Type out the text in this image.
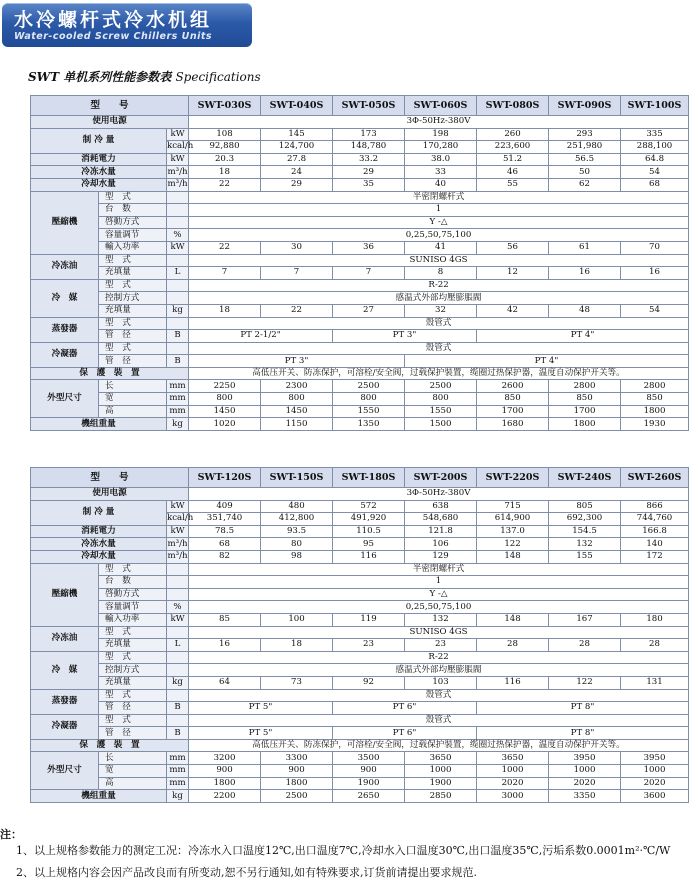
水冷螺杆式冷水机组
Water-cooled Screw Chillers Units
SWT 单机系列性能参数表 Specifications
型　　号			SWT-030S	SWT-040S	SWT-050S	SWT-060S	SWT-080S	SWT-090S	SWT-100S
使用电源			3Φ-50Hz-380V						
制 冷 量		kW	108	145	173	198	260	293	335
		kcal/h	92,880	124,700	148,780	170,280	223,600	251,980	288,100
消耗電力		kW	20.3	27.8	33.2	38.0	51.2	56.5	64.8
冷冻水量		m³/h	18	24	29	33	46	50	54
冷却水量		m³/h	22	29	35	40	55	62	68
壓縮機	型　式		半密閉螺杆式						
	台　数		1						
	啓動方式		Y -△						
	容量调节	%	0,25,50,75,100						
	輸入功率	kW	22	30	36	41	56	61	70
冷冻油	型　式		SUNISO 4GS						
	充填量	L	7	7	7	8	12	16	16
冷　媒	型　式		R-22						
	控制方式		感温式外部均壓膨脹閥						
	充填量	kg	18	22	27	32	42	48	54
蒸發器	型　式		殼管式						
	管　径	B	PT 2-1/2"		PT 3"		PT 4"		
冷凝器	型　式		殼管式						
	管　径	B	PT 3"			PT 4"			
保　護　裝　置			高低压开关、防冻保护，可溶栓/安全阀，过载保护裝置，缆圈过热保护器，温度自动保护开关等。						
外型尺寸	长	mm	2250	2300	2500	2500	2600	2800	2800
	宽	mm	800	800	800	800	850	850	850
	高	mm	1450	1450	1550	1550	1700	1700	1800
機组重量		kg	1020	1150	1350	1500	1680	1800	1930
型　　号			SWT-120S	SWT-150S	SWT-180S	SWT-200S	SWT-220S	SWT-240S	SWT-260S
使用电源			3Φ-50Hz-380V						
制 冷 量		kW	409	480	572	638	715	805	866
		kcal/h	351,740	412,800	491,920	548,680	614,900	692,300	744,760
消耗電力		kW	78.5	93.5	110.5	121.8	137.0	154.5	166.8
冷冻水量		m³/h	68	80	95	106	122	132	140
冷却水量		m³/h	82	98	116	129	148	155	172
壓縮機	型　式		半密閉螺杆式						
	台　数		1						
	啓動方式		Y -△						
	容量调节	%	0,25,50,75,100						
	輸入功率	kW	85	100	119	132	148	167	180
冷冻油	型　式		SUNISO 4GS						
	充填量	L	16	18	23	23	28	28	28
冷　媒	型　式		R-22						
	控制方式		感温式外部均壓膨脹閥						
	充填量	kg	64	73	92	103	116	122	131
蒸發器	型　式		殼管式						
	管　径	B	PT 5"		PT 6"		PT 8"		
冷凝器	型　式		殼管式						
	管　径	B	PT 5"		PT 6"		PT 8"		
保　護　裝　置			高低压开关、防冻保护，可溶栓/安全阀，过载保护裝置，缆圈过热保护器，温度自动保护开关等。						
外型尺寸	长	mm	3200	3300	3500	3650	3650	3950	3950
	宽	mm	900	900	900	1000	1000	1000	1000
	高	mm	1800	1800	1900	1900	2020	2020	2020
機组重量		kg	2200	2500	2650	2850	3000	3350	3600
注：
1、以上规格参数能力的测定工况：冷冻水入口温度12℃,出口温度7℃,冷却水入口温度30℃,出口温度35℃,污垢系数0.0001m²·℃/W
2、以上规格内容会因产品改良而有所变动,恕不另行通知,如有特殊要求,订货前请提出要求规范.
